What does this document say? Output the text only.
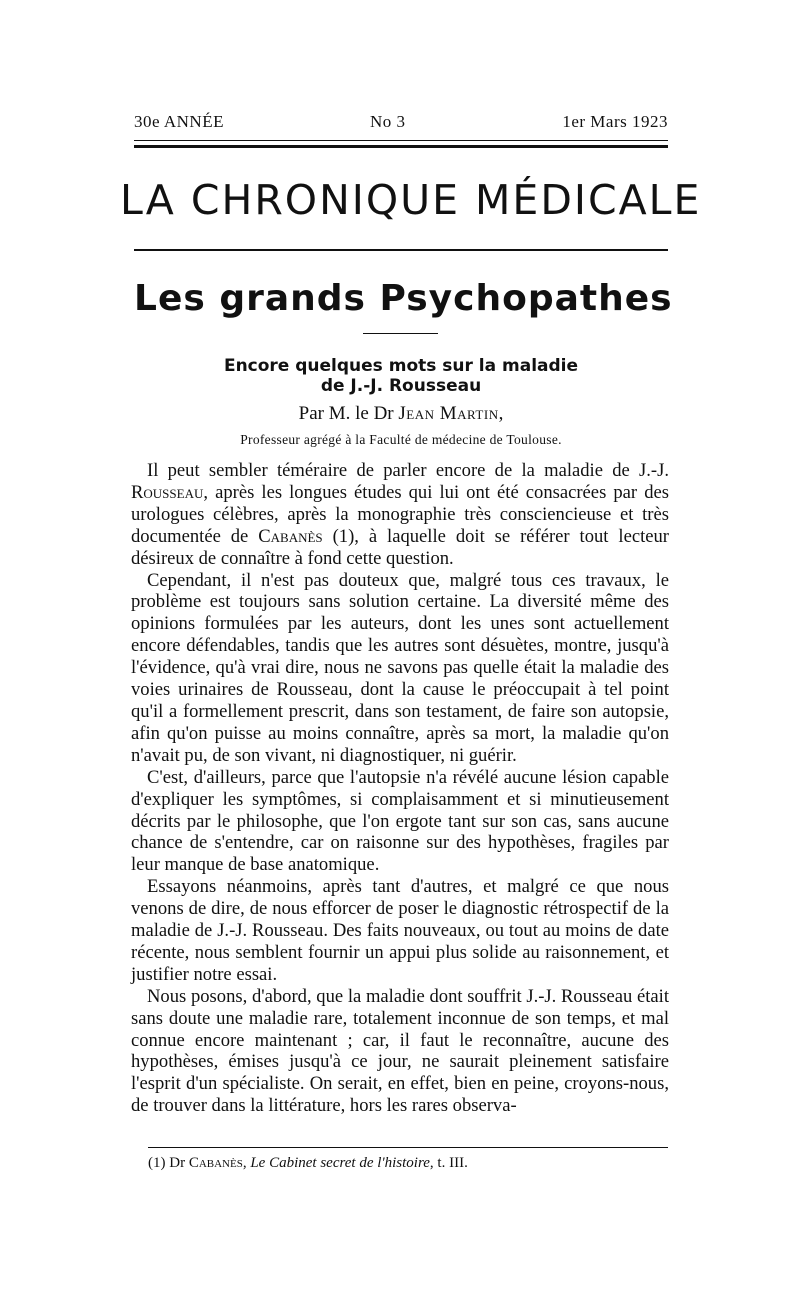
30e ANNÉE	No 3	1er Mars 1923
LA CHRONIQUE MÉDICALE
Les grands Psychopathes
Encore quelques mots sur la maladie
de J.-J. Rousseau
Par M. le Dr Jean Martin,
Professeur agrégé à la Faculté de médecine de Toulouse.

Il peut sembler téméraire de parler encore de la maladie de J.-J. Rousseau, après les longues études qui lui ont été consacrées par des urologues célèbres, après la monographie très consciencieuse et très documentée de Cabanès (1), à laquelle doit se référer tout lecteur désireux de connaître à fond cette question.

Cependant, il n'est pas douteux que, malgré tous ces travaux, le problème est toujours sans solution certaine. La diversité même des opinions formulées par les auteurs, dont les unes sont actuellement encore défendables, tandis que les autres sont désuètes, montre, jusqu'à l'évidence, qu'à vrai dire, nous ne savons pas quelle était la maladie des voies urinaires de Rousseau, dont la cause le préoccupait à tel point qu'il a formellement prescrit, dans son testament, de faire son autopsie, afin qu'on puisse au moins connaître, après sa mort, la maladie qu'on n'avait pu, de son vivant, ni diagnostiquer, ni guérir.

C'est, d'ailleurs, parce que l'autopsie n'a révélé aucune lésion capable d'expliquer les symptômes, si complaisamment et si minutieusement décrits par le philosophe, que l'on ergote tant sur son cas, sans aucune chance de s'entendre, car on raisonne sur des hypothèses, fragiles par leur manque de base anatomique.

Essayons néanmoins, après tant d'autres, et malgré ce que nous venons de dire, de nous efforcer de poser le diagnostic rétrospectif de la maladie de J.-J. Rousseau. Des faits nouveaux, ou tout au moins de date récente, nous semblent fournir un appui plus solide au raisonnement, et justifier notre essai.

Nous posons, d'abord, que la maladie dont souffrit J.-J. Rousseau était sans doute une maladie rare, totalement inconnue de son temps, et mal connue encore maintenant ; car, il faut le reconnaître, aucune des hypothèses, émises jusqu'à ce jour, ne saurait pleinement satisfaire l'esprit d'un spécialiste. On serait, en effet, bien en peine, croyons-nous, de trouver dans la littérature, hors les rares observa-

(1) Dr Cabanès, Le Cabinet secret de l'histoire, t. III.
